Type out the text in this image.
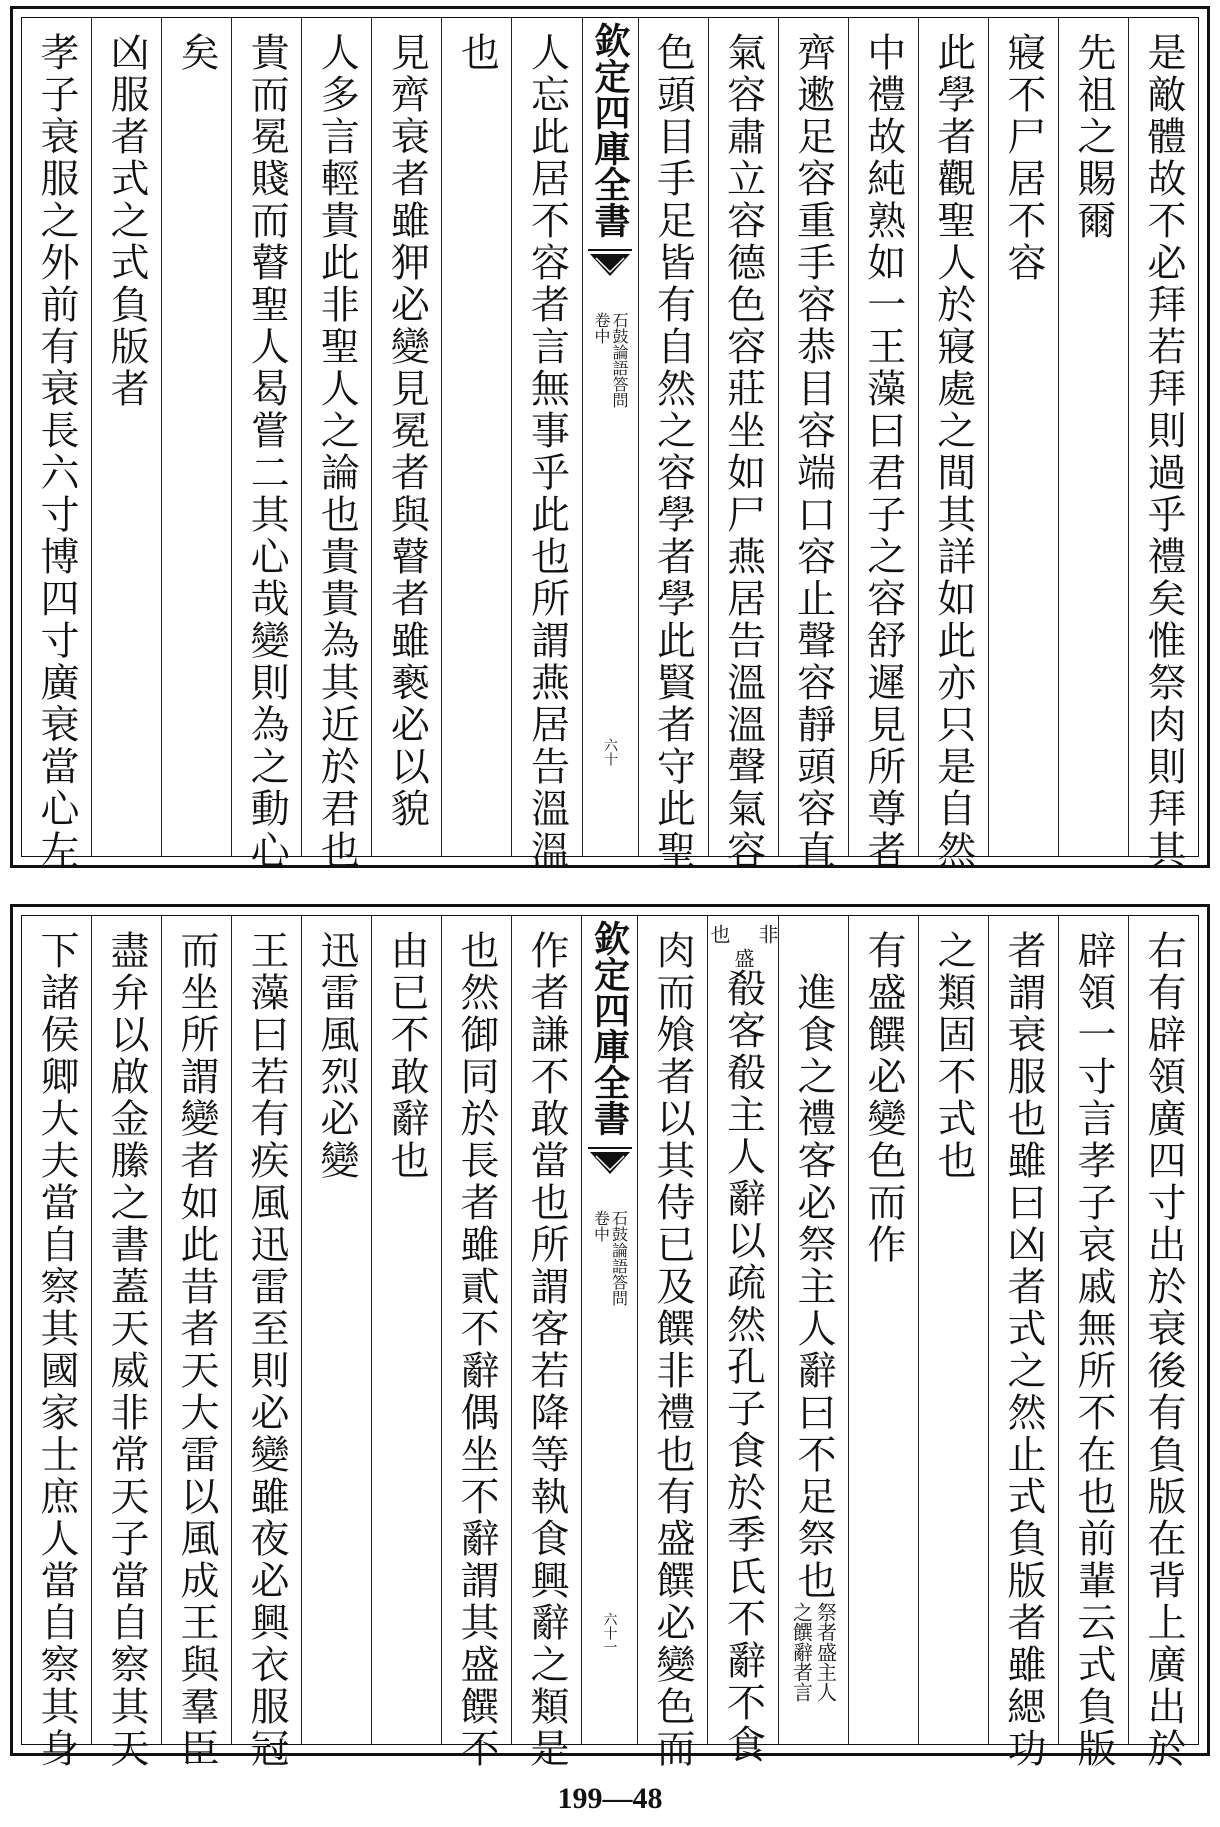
是敵體故不必拜若拜則過乎禮矣惟祭肉則拜其
先祖之賜爾
寢不尸居不容
此學者觀聖人於寢處之間其詳如此亦只是自然
中禮故純熟如一王藻曰君子之容舒遲見所尊者
齊遬足容重手容恭目容端口容止聲容靜頭容直
氣容肅立容德色容莊坐如尸燕居告溫溫聲氣容
色頭目手足皆有自然之容學者學此賢者守此聖
欽定四庫全書
石鼓論語答問
卷中
六十
人忘此居不容者言無事乎此也所謂燕居告溫溫
也
見齊衰者雖狎必變見冕者與瞽者雖褻必以貌
人多言輕貴此非聖人之論也貴貴為其近於君也
貴而冕賤而瞽聖人曷嘗二其心哉變則為之動心
矣
凶服者式之式負版者
孝子衰服之外前有衰長六寸博四寸廣衰當心左
右有辟領廣四寸出於衰後有負版在背上廣出於
辟領一寸言孝子哀戚無所不在也前輩云式負版
者謂衰服也雖曰凶者式之然止式負版者雖緦功
之類固不式也
有盛饌必變色而作
進食之禮客必祭主人辭曰不足祭也
祭者盛主人
之饌辭者言
非
盛
也
殽客殽主人辭以疏然孔子食於季氏不辭不食
肉而飧者以其侍已及饌非禮也有盛饌必變色而
欽定四庫全書
石鼓論語答問
卷中
六十一
作者謙不敢當也所謂客若降等執食興辭之類是
也然御同於長者雖貳不辭偶坐不辭謂其盛饌不
由已不敢辭也
迅雷風烈必變
王藻曰若有疾風迅雷至則必變雖夜必興衣服冠
而坐所謂變者如此昔者天大雷以風成王與羣臣
盡弁以啟金縢之書蓋天威非常天子當自察其天
下諸侯卿大夫當自察其國家士庶人當自察其身
199—48
